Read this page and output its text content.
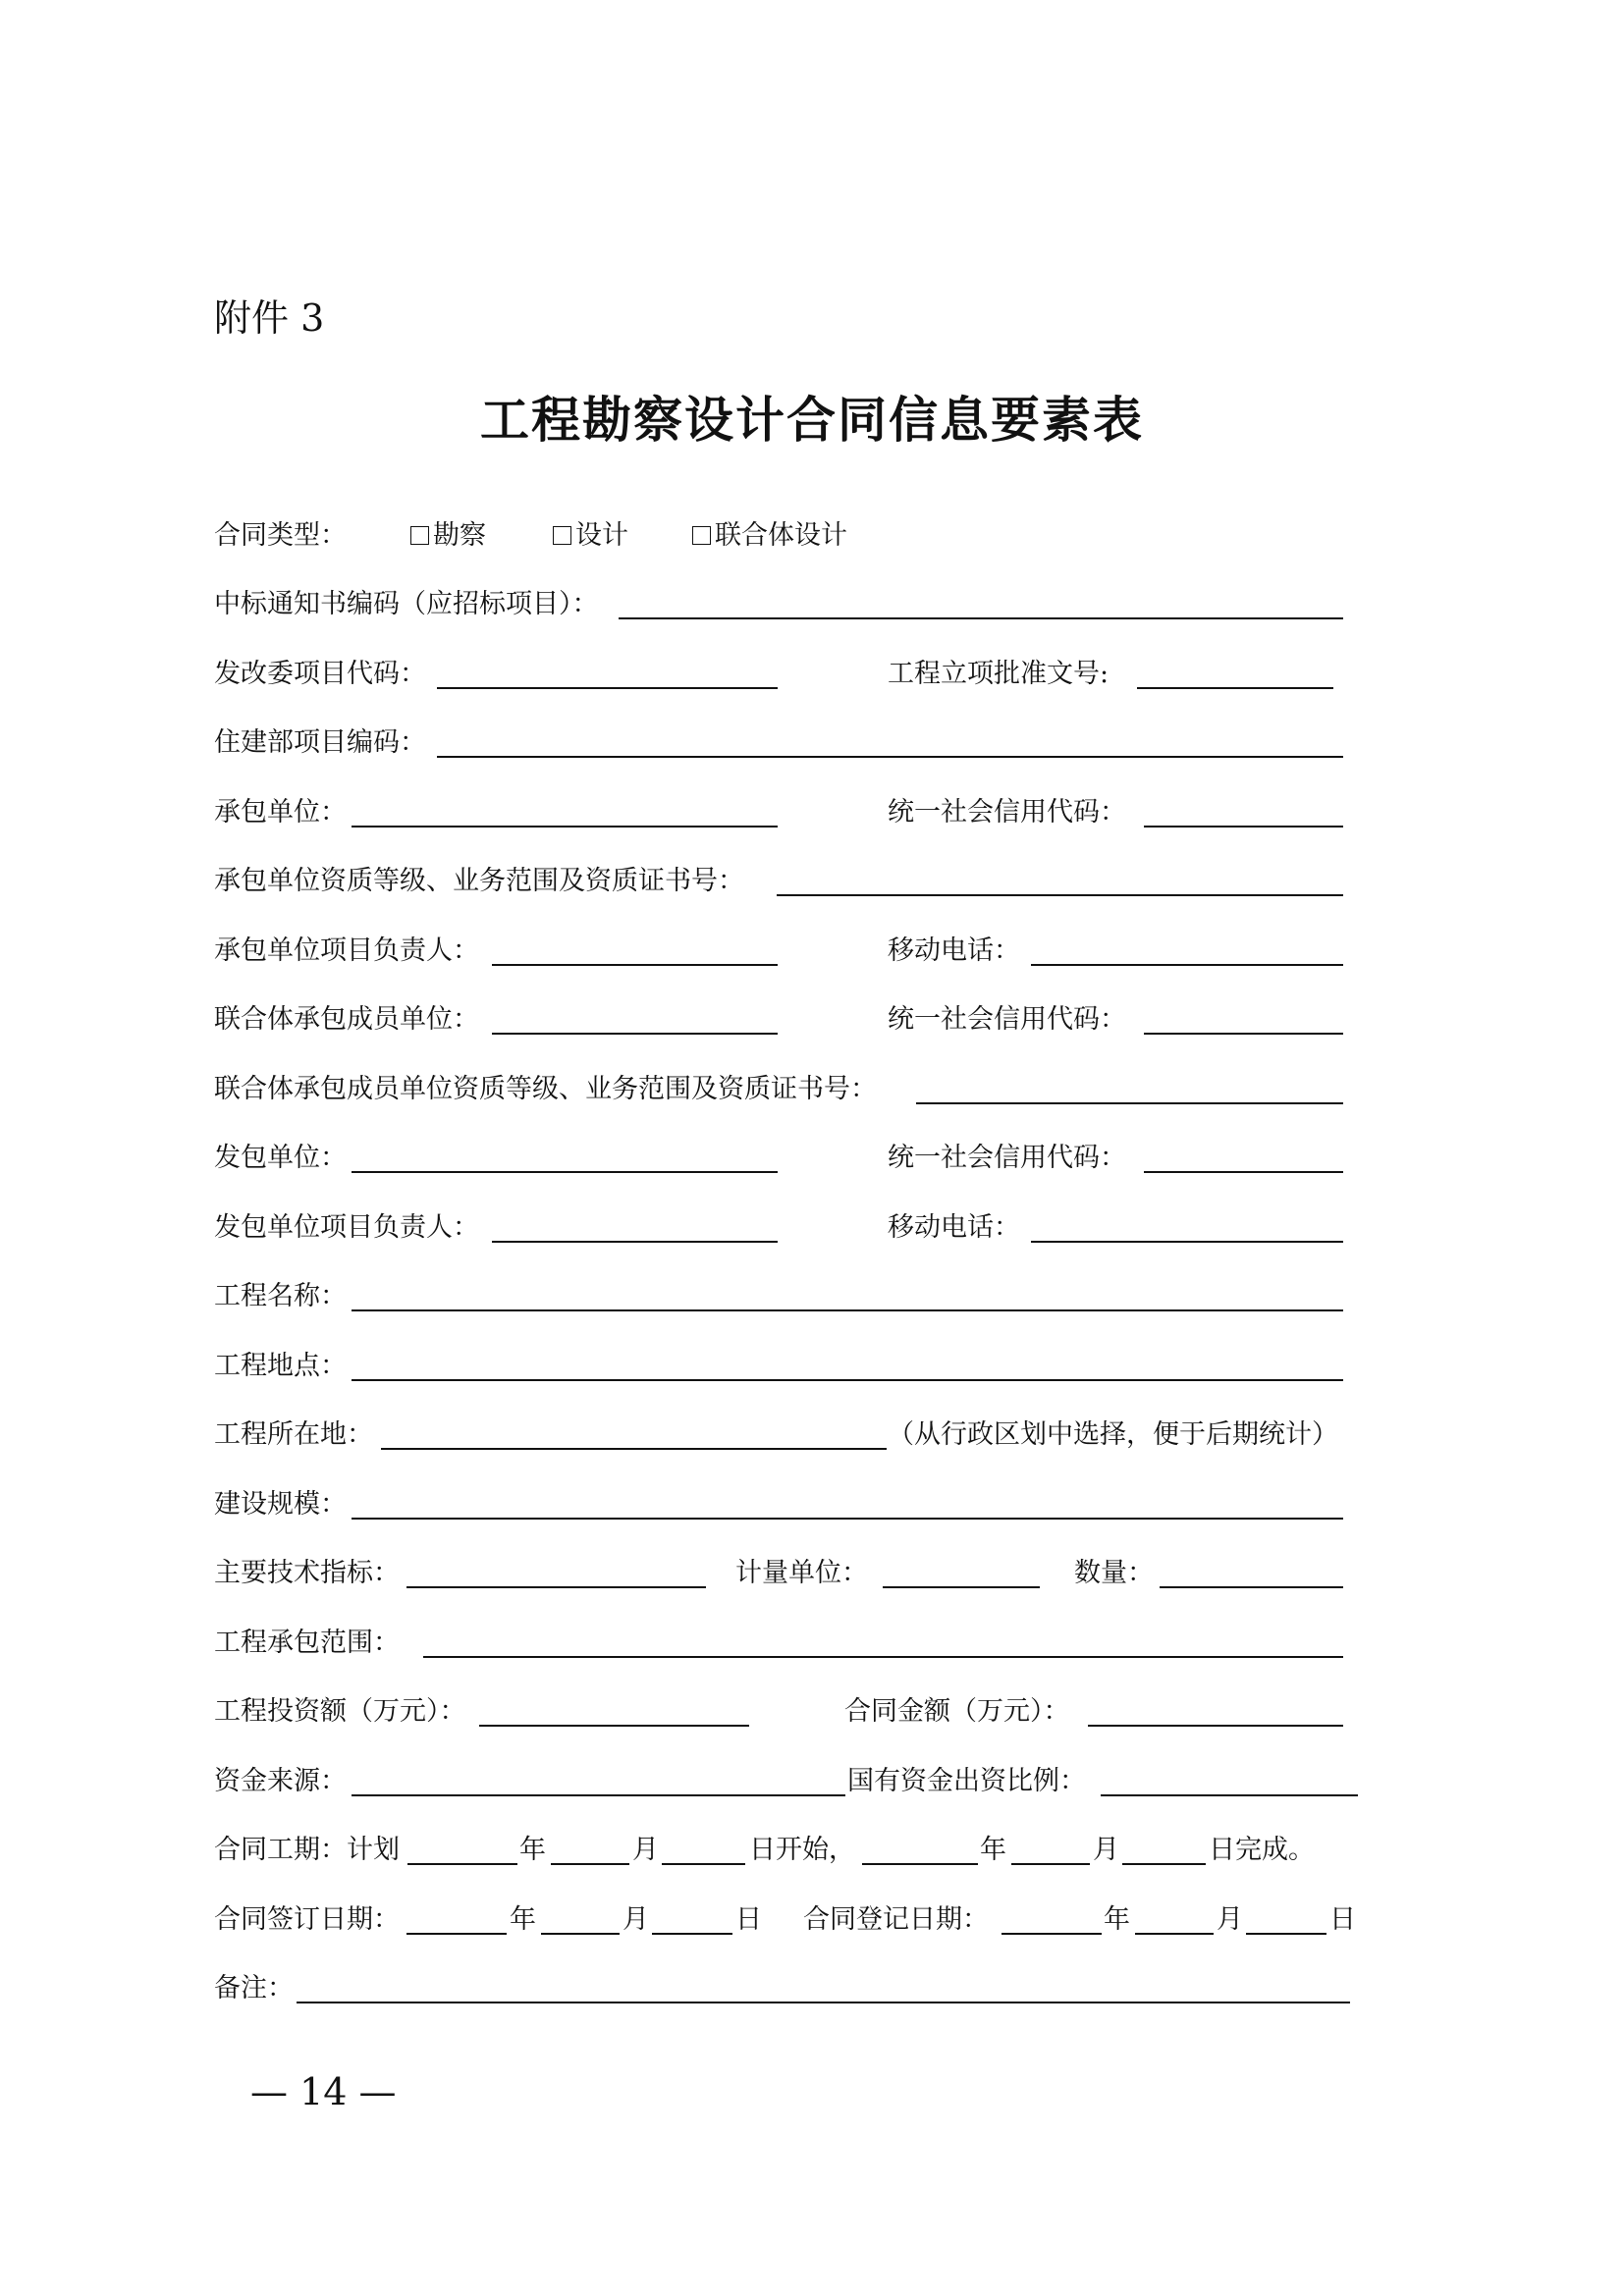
附件 3
工程勘察设计合同信息要素表
合同类型：	勘察	设计	联合体设计
中标通知书编码（应招标项目）：
发改委项目代码：	工程立项批准文号:
住建部项目编码：
承包单位：	统一社会信用代码：
承包单位资质等级、业务范围及资质证书号：
承包单位项目负责人：	移动电话：
联合体承包成员单位：	统一社会信用代码：
联合体承包成员单位资质等级、业务范围及资质证书号：
发包单位：	统一社会信用代码：
发包单位项目负责人：	移动电话：
工程名称：
工程地点：
工程所在地：	（从行政区划中选择，便于后期统计）
建设规模：
主要技术指标：	计量单位：	数量：
工程承包范围：
工程投资额（万元）：	合同金额（万元）：
资金来源：	国有资金出资比例：
合同工期：计划	年	月	日开始，	年	月	日完成。
合同签订日期：	年	月	日 合同登记日期：	年	月	日
备注：
— 14 —
